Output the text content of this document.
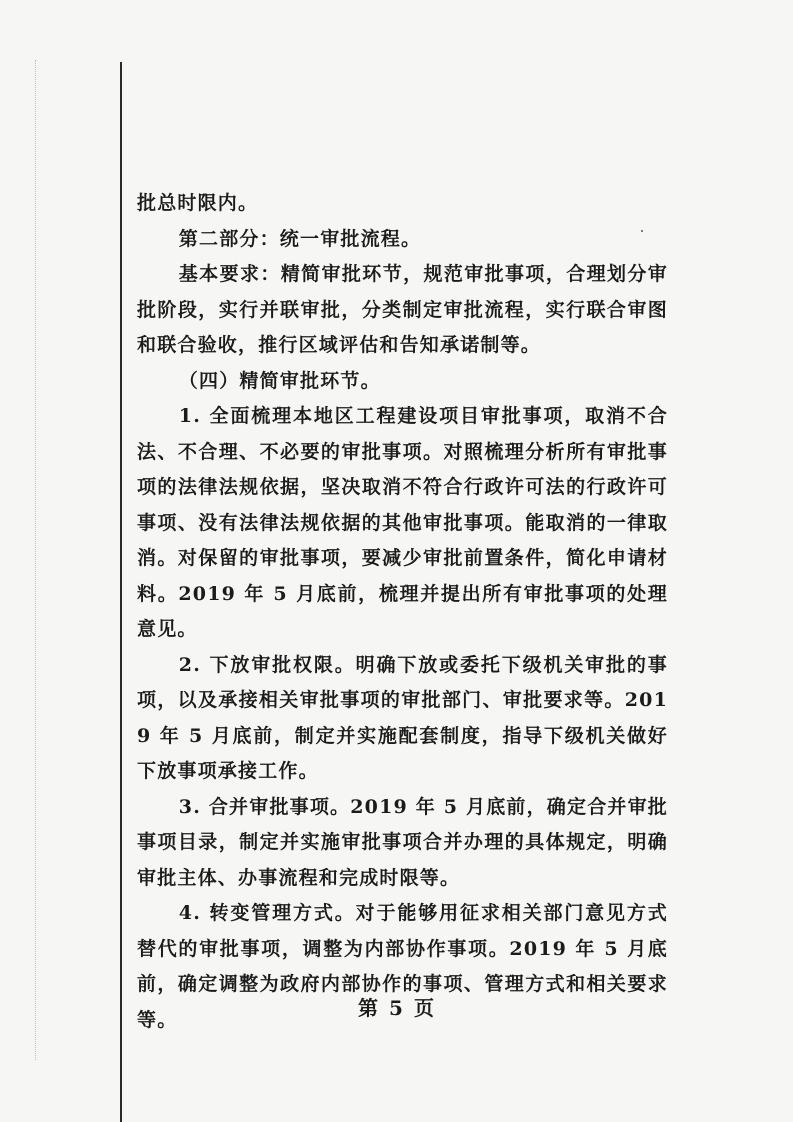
批总时限内。

第二部分：统一审批流程。

基本要求：精简审批环节，规范审批事项，合理划分审批阶段，实行并联审批，分类制定审批流程，实行联合审图和联合验收，推行区域评估和告知承诺制等。

（四）精简审批环节。

1. 全面梳理本地区工程建设项目审批事项，取消不合法、不合理、不必要的审批事项。对照梳理分析所有审批事项的法律法规依据，坚决取消不符合行政许可法的行政许可事项、没有法律法规依据的其他审批事项。能取消的一律取消。对保留的审批事项，要减少审批前置条件，简化申请材料。2019 年 5 月底前，梳理并提出所有审批事项的处理意见。

2. 下放审批权限。明确下放或委托下级机关审批的事项，以及承接相关审批事项的审批部门、审批要求等。2019 年 5 月底前，制定并实施配套制度，指导下级机关做好下放事项承接工作。

3. 合并审批事项。2019 年 5 月底前，确定合并审批事项目录，制定并实施审批事项合并办理的具体规定，明确审批主体、办事流程和完成时限等。

4. 转变管理方式。对于能够用征求相关部门意见方式替代的审批事项，调整为内部协作事项。2019 年 5 月底前，确定调整为政府内部协作的事项、管理方式和相关要求等。	第 5 页
